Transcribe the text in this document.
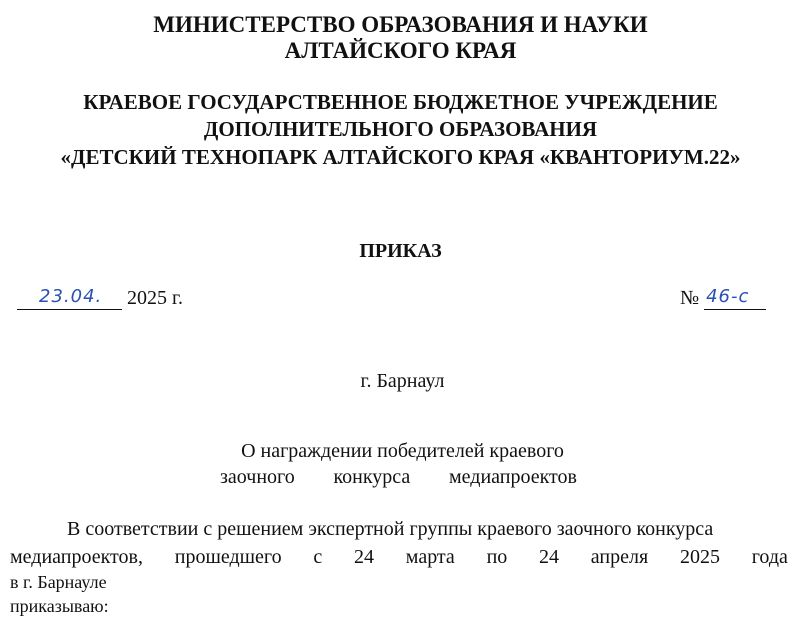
МИНИСТЕРСТВО ОБРАЗОВАНИЯ И НАУКИ
АЛТАЙСКОГО КРАЯ
КРАЕВОЕ ГОСУДАРСТВЕННОЕ БЮДЖЕТНОЕ УЧРЕЖДЕНИЕ
ДОПОЛНИТЕЛЬНОГО ОБРАЗОВАНИЯ
«ДЕТСКИЙ ТЕХНОПАРК АЛТАЙСКОГО КРАЯ «КВАНТОРИУМ.22»
ПРИКАЗ
23.04. 2025 г.	№ 46-с
г. Барнаул
О награждении победителей краевого
заочного конкурса медиапроектов
В соответствии с решением экспертной группы краевого заочного конкурса
медиапроектов, прошедшего с 24 марта по 24 апреля 2025 года
в г. Барнауле
приказываю:
